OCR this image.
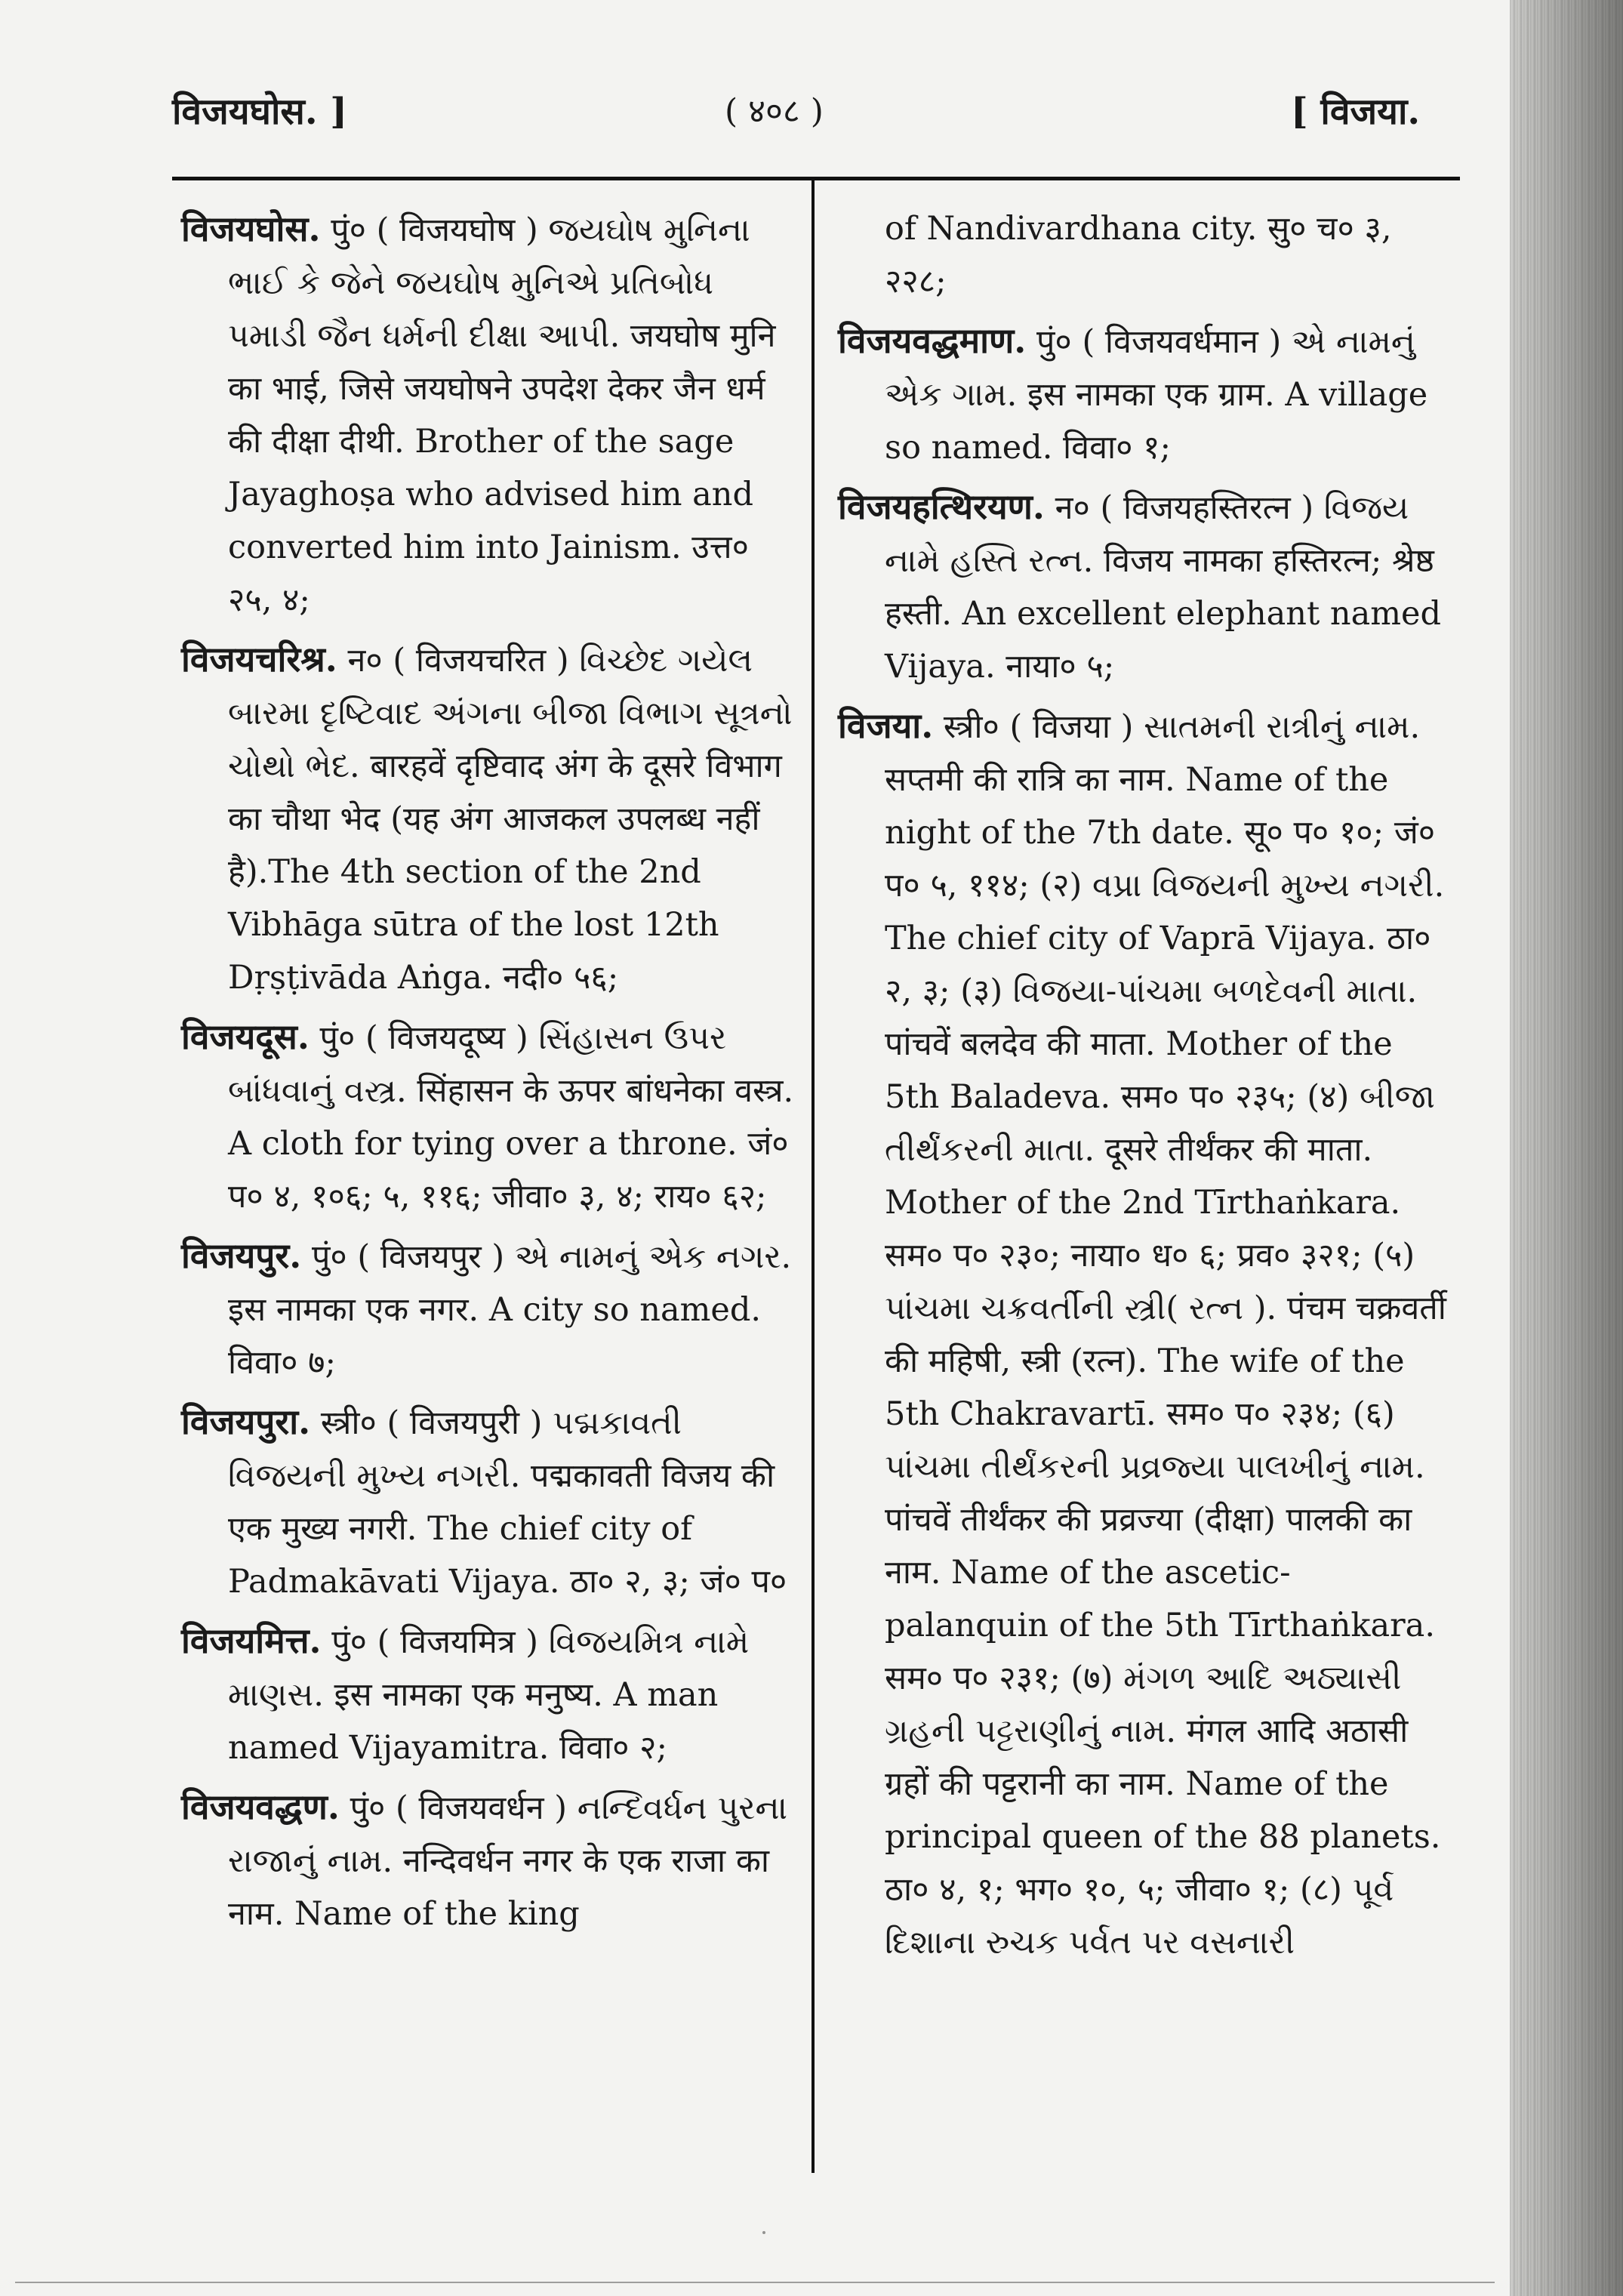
विजयघोस. ]	( ४०८ )	[ विजया.

विजयघोस. पुं० ( विजयघोष ) જયઘોષ મુનિના ભાઈ કે જેને જયઘોષ મુનિએ પ્રતિબોધ પમાડી જૈન ધર્મની દીક્ષા આપી. जयघोष मुनि का भाई, जिसे जयघोषने उपदेश देकर जैन धर्म की दीक्षा दीथी. Brother of the sage Jayaghoṣa who advised him and converted him into Jainism. उत्त० २५, ४;

विजयचरिश्र. न० ( विजयचरित ) વિચ્છેદ ગયેલ બારમા દૃષ્ટિવાદ અંગના બીજા વિભાગ સૂત્રનો ચોથો ભેદ. बारहवें दृष्टिवाद अंग के दूसरे विभाग का चौथा भेद (यह अंग आजकल उपलब्ध नहीं है).The 4th section of the 2nd Vibhāga sūtra of the lost 12th Dṛṣṭivāda Aṅga. नदी० ५६;

विजयदूस. पुं० ( विजयदूष्य ) સિંહાસન ઉપર બાંધવાનું વસ્ત્ર. सिंहासन के ऊपर बांधनेका वस्त्र. A cloth for tying over a throne. जं० प० ४, १०६; ५, ११६; जीवा० ३, ४; राय० ६२;

विजयपुर. पुं० ( विजयपुर ) એ નામનું એક નગર. इस नामका एक नगर. A city so named. विवा० ७;

विजयपुरा. स्त्री० ( विजयपुरी ) પદ્મકાવતી વિજયની મુખ્ય નગરી. पद्मकावती विजय की एक मुख्य नगरी. The chief city of Padmakāvati Vijaya. ठा० २, ३; जं० प०

विजयमित्त. पुं० ( विजयमित्र ) વિજયમિત્ર નામે માણસ. इस नामका एक मनुष्य. A man named Vijayamitra. विवा० २;

विजयवद्धण. पुं० ( विजयवर्धन ) નન્દિવર્ધન પુરના રાજાનું નામ. नन्दिवर्धन नगर के एक राजा का नाम. Name of the king

of Nandivardhana city. सु० च० ३, २२८;

विजयवद्धमाण. पुं० ( विजयवर्धमान ) એ નામનું એક ગામ. इस नामका एक ग्राम. A village so named. विवा० १;

विजयहत्थिरयण. न० ( विजयहस्तिरत्न ) વિજય નામે હસ્તિ રત્ન. विजय नामका हस्तिरत्न; श्रेष्ठ हस्ती. An excellent elephant named Vijaya. नाया० ५;

विजया. स्त्री० ( विजया ) સાતમની રાત્રીનું નામ. सप्तमी की रात्रि का नाम. Name of the night of the 7th date. सू० प० १०; जं० प० ५, ११४; (२) વપ્રા વિજયની મુખ્ય નગરી. The chief city of Vaprā Vijaya. ठा० २, ३; (३) વિજયા-પાંચમા બળદેવની માતા. पांचवें बलदेव की माता. Mother of the 5th Baladeva. सम० प० २३५; (४) બીજા તીર્થંકરની માતા. दूसरे तीर्थंकर की माता. Mother of the 2nd Tīrthaṅkara. सम० प० २३०; नाया० ध० ६; प्रव० ३२१; (५) પાંચમા ચક્રવર્તીની સ્ત્રી( રત્ન ). पंचम चक्रवर्ती की महिषी, स्त्री (रत्न). The wife of the 5th Chakravartī. सम० प० २३४; (६) પાંચમા તીર્થંકરની પ્રવ્રજ્યા પાલખીનું નામ. पांचवें तीर्थंकर की प्रव्रज्या (दीक्षा) पालकी का नाम. Name of the ascetic-palanquin of the 5th Tīrthaṅkara. सम० प० २३१; (७) મંગળ આદિ અઠ્યાસી ગ્રહની પટ્ટરાણીનું નામ. मंगल आदि अठासी ग्रहों की पट्टरानी का नाम. Name of the principal queen of the 88 planets. ठा० ४, १; भग० १०, ५; जीवा० १; (८) પૂર્વ દિશાના રુચક પર્વત પર વસનારી
